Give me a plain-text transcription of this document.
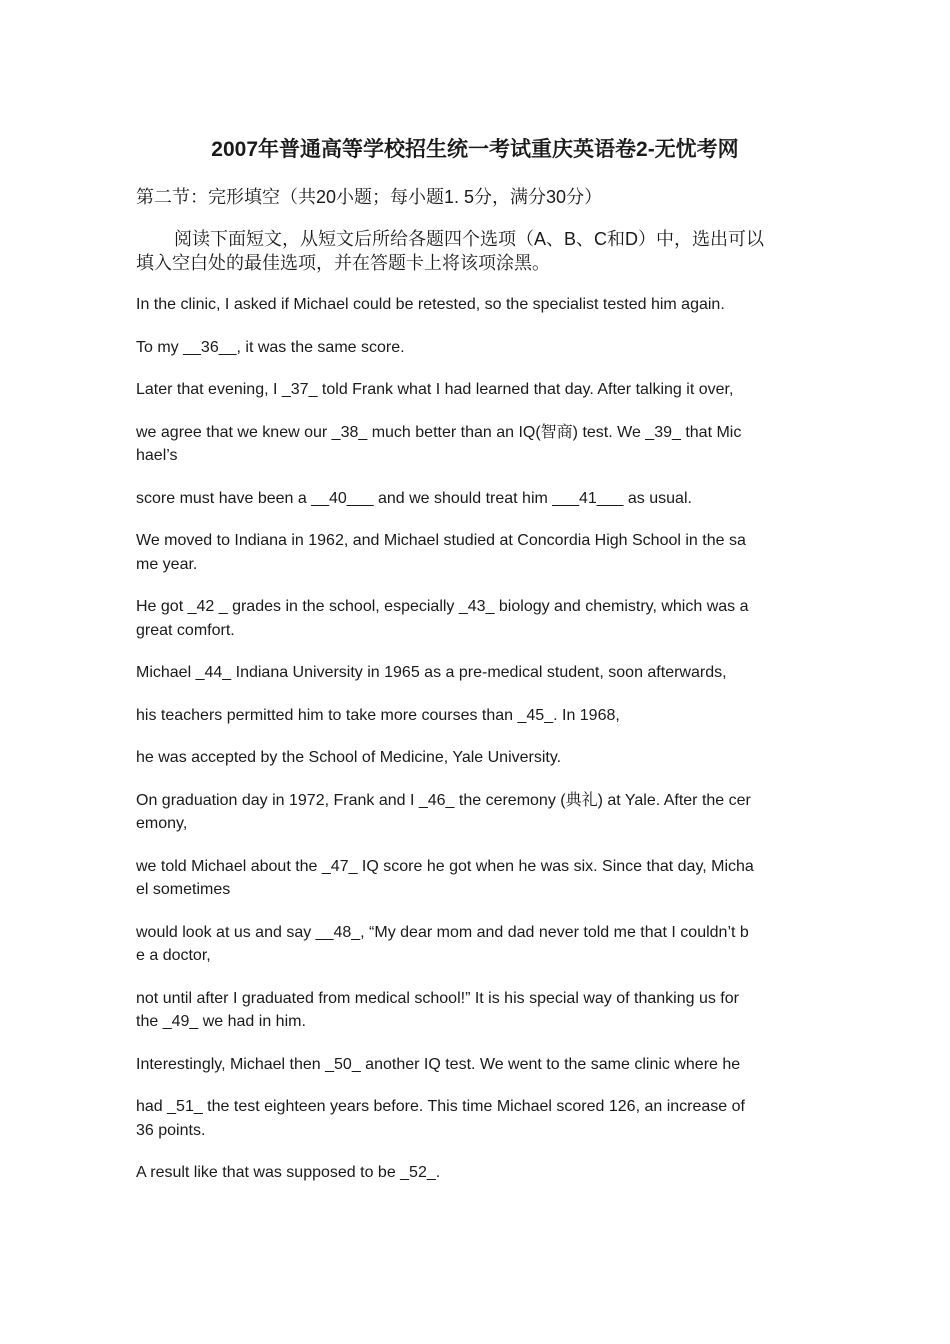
2007年普通高等学校招生统一考试重庆英语卷2-无忧考网
第二节：完形填空（共20小题；每小题1. 5分，满分30分）
阅读下面短文，从短文后所给各题四个选项（A、B、C和D）中，选出可以
填入空白处的最佳选项，并在答题卡上将该项涂黑。
In the clinic, I asked if Michael could be retested, so the specialist tested him again.
To my __36__, it was the same score.
Later that evening, I _37_ told Frank what I had learned that day. After talking it over,
we agree that we knew our _38_ much better than an IQ(智商) test. We _39_ that Mic
hael’s
score must have been a __40___ and we should treat him ___41___ as usual.
We moved to Indiana in 1962, and Michael studied at Concordia High School in the sa
me year.
He got _42 _ grades in the school, especially _43_ biology and chemistry, which was a
great comfort.
Michael _44_ Indiana University in 1965 as a pre-medical student, soon afterwards,
his teachers permitted him to take more courses than _45_. In 1968,
he was accepted by the School of Medicine, Yale University.
On graduation day in 1972, Frank and I _46_ the ceremony (典礼) at Yale. After the cer
emony,
we told Michael about the _47_ IQ score he got when he was six. Since that day, Micha
el sometimes
would look at us and say __48_, “My dear mom and dad never told me that I couldn’t b
e a doctor,
not until after I graduated from medical school!” It is his special way of thanking us for
the _49_ we had in him.
Interestingly, Michael then _50_ another IQ test. We went to the same clinic where he
had _51_ the test eighteen years before. This time Michael scored 126, an increase of
36 points.
A result like that was supposed to be _52_.
